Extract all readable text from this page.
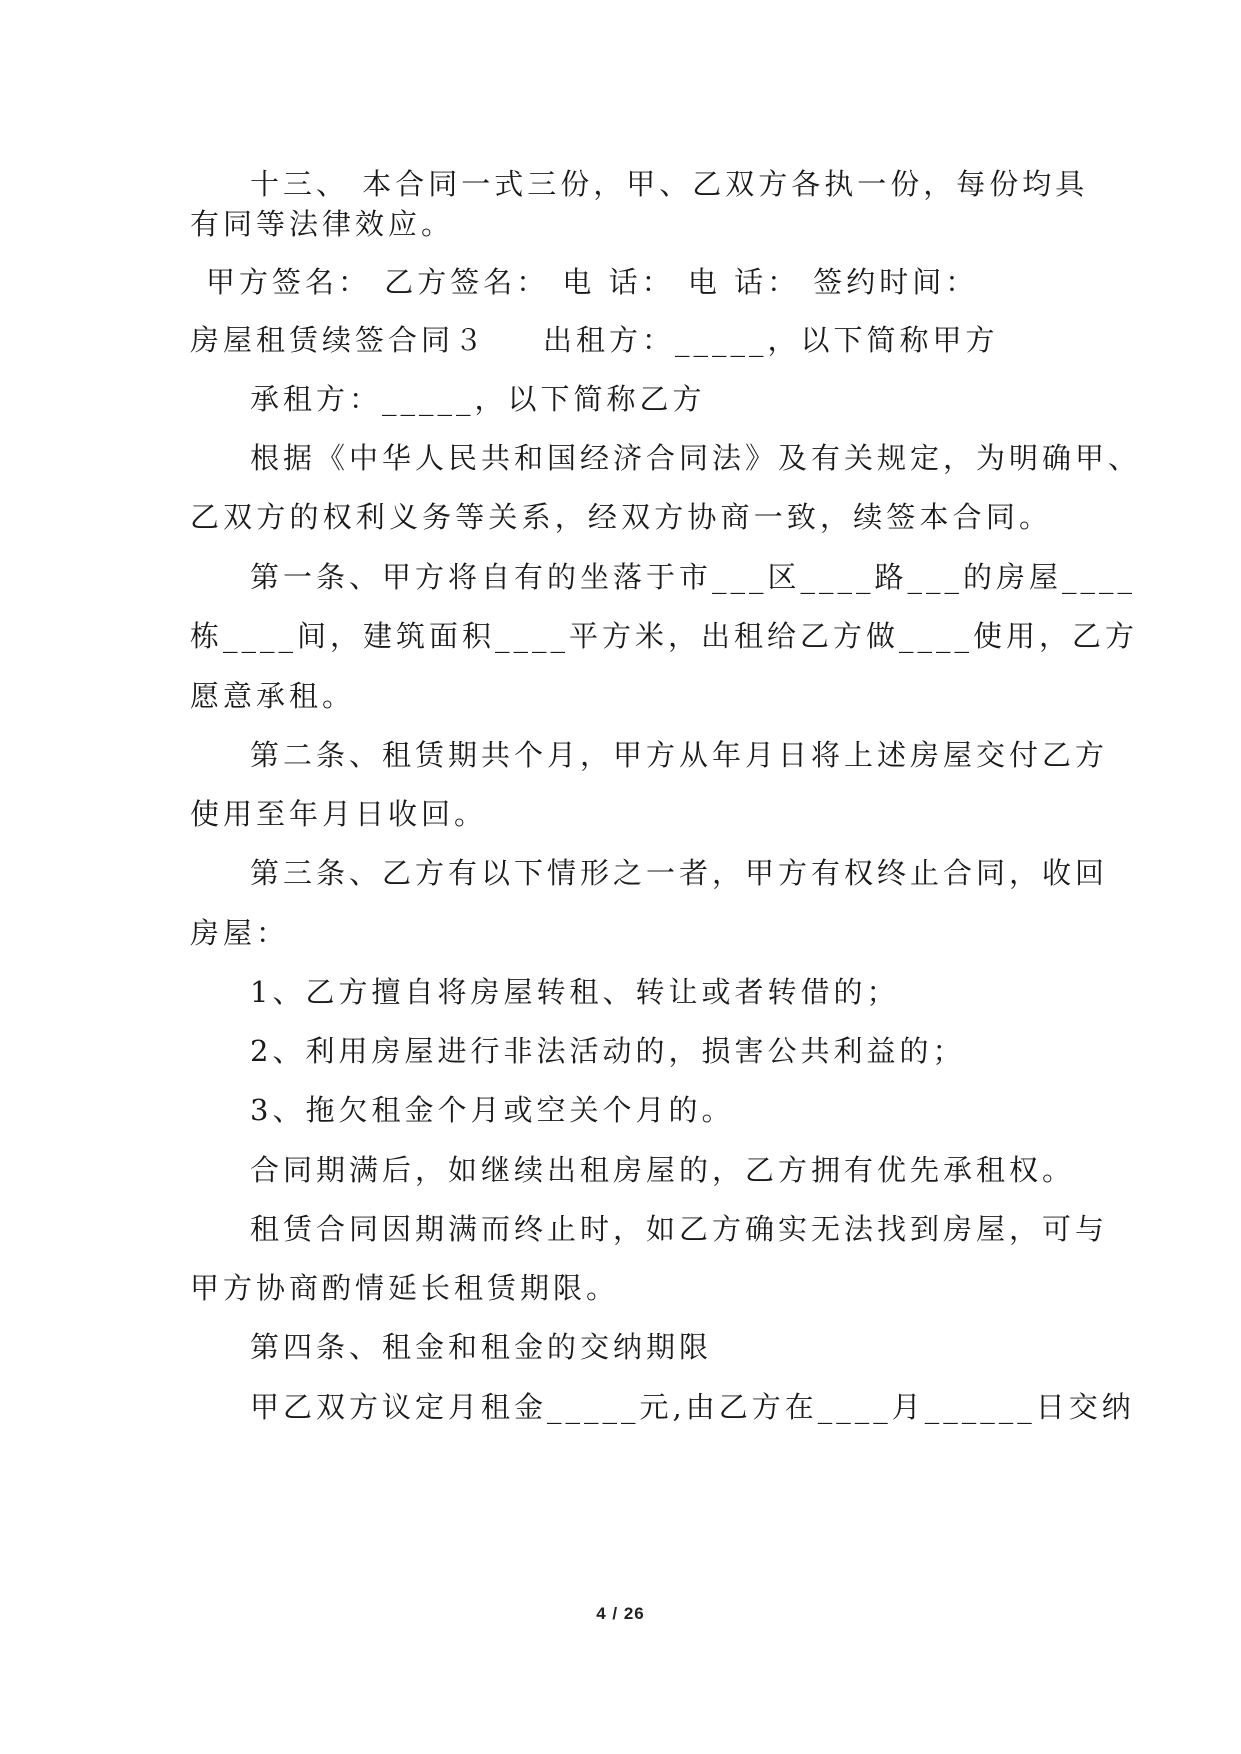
十三、 本合同一式三份，甲、乙双方各执一份，每份均具
有同等法律效应。
甲方签名： 乙方签名： 电 话： 电 话： 签约时间：
房屋租赁续签合同３ 出租方：_____，以下简称甲方
承租方：_____，以下简称乙方
根据《中华人民共和国经济合同法》及有关规定，为明确甲、
乙双方的权利义务等关系，经双方协商一致，续签本合同。
第一条、甲方将自有的坐落于市___区____路___的房屋____
栋____间，建筑面积____平方米，出租给乙方做____使用，乙方
愿意承租。
第二条、租赁期共个月，甲方从年月日将上述房屋交付乙方
使用至年月日收回。
第三条、乙方有以下情形之一者，甲方有权终止合同，收回
房屋：
1、乙方擅自将房屋转租、转让或者转借的；
2、利用房屋进行非法活动的，损害公共利益的；
3、拖欠租金个月或空关个月的。
合同期满后，如继续出租房屋的，乙方拥有优先承租权。
租赁合同因期满而终止时，如乙方确实无法找到房屋，可与
甲方协商酌情延长租赁期限。
第四条、租金和租金的交纳期限
甲乙双方议定月租金_____元,由乙方在____月______日交纳
4 / 26
